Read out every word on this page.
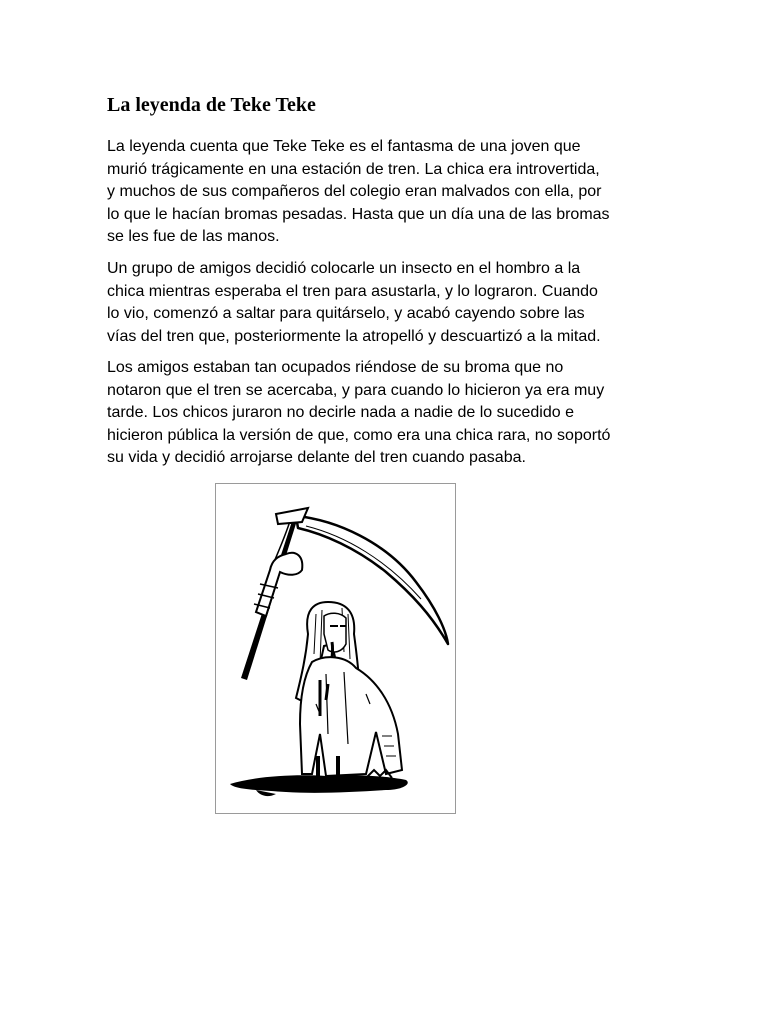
La leyenda de Teke Teke

La leyenda cuenta que Teke Teke es el fantasma de una joven que
murió trágicamente en una estación de tren. La chica era introvertida,
y muchos de sus compañeros del colegio eran malvados con ella, por
lo que le hacían bromas pesadas. Hasta que un día una de las bromas
se les fue de las manos.

Un grupo de amigos decidió colocarle un insecto en el hombro a la
chica mientras esperaba el tren para asustarla, y lo lograron. Cuando
lo vio, comenzó a saltar para quitárselo, y acabó cayendo sobre las
vías del tren que, posteriormente la atropelló y descuartizó a la mitad.

Los amigos estaban tan ocupados riéndose de su broma que no
notaron que el tren se acercaba, y para cuando lo hicieron ya era muy
tarde. Los chicos juraron no decirle nada a nadie de lo sucedido e
hicieron pública la versión de que, como era una chica rara, no soportó
su vida y decidió arrojarse delante del tren cuando pasaba.
